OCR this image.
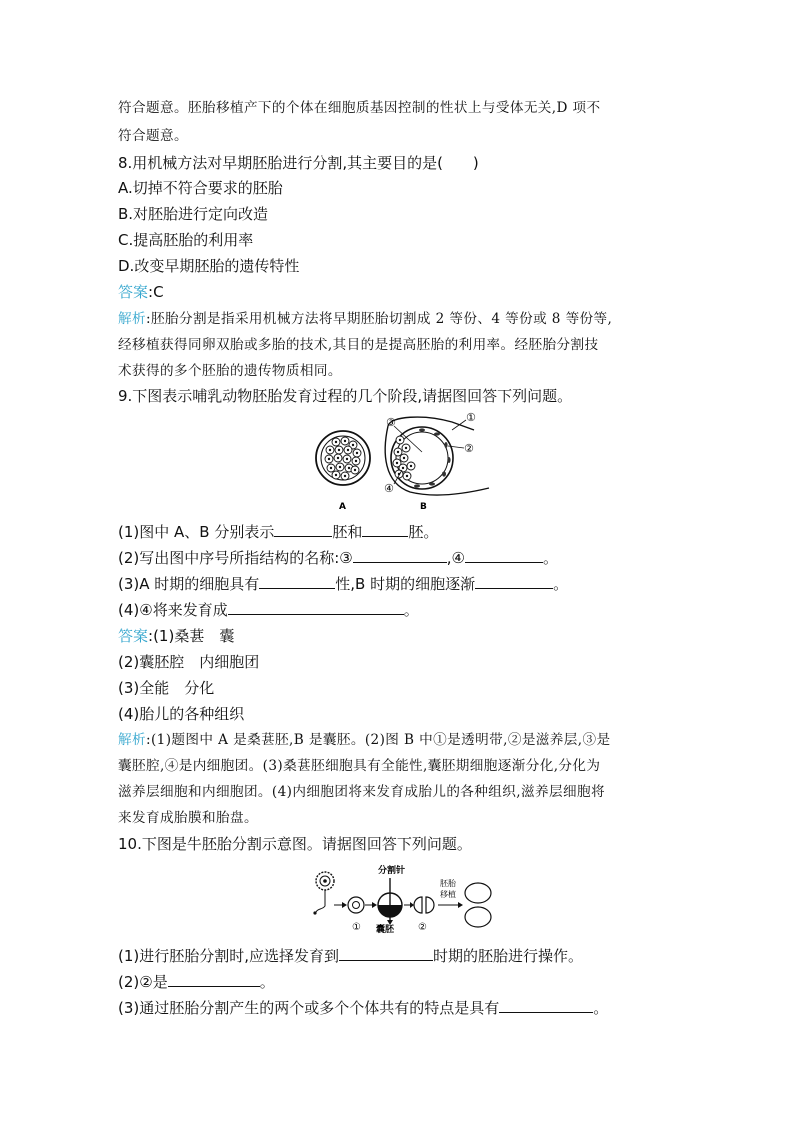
符合题意。胚胎移植产下的个体在细胞质基因控制的性状上与受体无关,D 项不
符合题意。
8.用机械方法对早期胚胎进行分割,其主要目的是(　　)
A.切掉不符合要求的胚胎
B.对胚胎进行定向改造
C.提高胚胎的利用率
D.改变早期胚胎的遗传特性
答案:C
解析:胚胎分割是指采用机械方法将早期胚胎切割成 2 等份、4 等份或 8 等份等,
经移植获得同卵双胎或多胎的技术,其目的是提高胚胎的利用率。经胚胎分割技
术获得的多个胚胎的遗传物质相同。
9.下图表示哺乳动物胚胎发育过程的几个阶段,请据图回答下列问题。
A
①
②
③
④
B
(1)图中 A、B 分别表示	胚和	胚。
(2)写出图中序号所指结构的名称:③	,④	。
(3)A 时期的细胞具有	性,B 时期的细胞逐渐	。
(4)④将来发育成	。
答案:(1)桑葚　囊
(2)囊胚腔　内细胞团
(3)全能　分化
(4)胎儿的各种组织
解析:(1)题图中 A 是桑葚胚,B 是囊胚。(2)图 B 中①是透明带,②是滋养层,③是
囊胚腔,④是内细胞团。(3)桑葚胚细胞具有全能性,囊胚期细胞逐渐分化,分化为
滋养层细胞和内细胞团。(4)内细胞团将来发育成胎儿的各种组织,滋养层细胞将
来发育成胎膜和胎盘。
10.下图是牛胚胎分割示意图。请据图回答下列问题。
分割针
胚胎
移植
① 囊胚 ②
(1)进行胚胎分割时,应选择发育到	时期的胚胎进行操作。
(2)②是	。
(3)通过胚胎分割产生的两个或多个个体共有的特点是具有	。
